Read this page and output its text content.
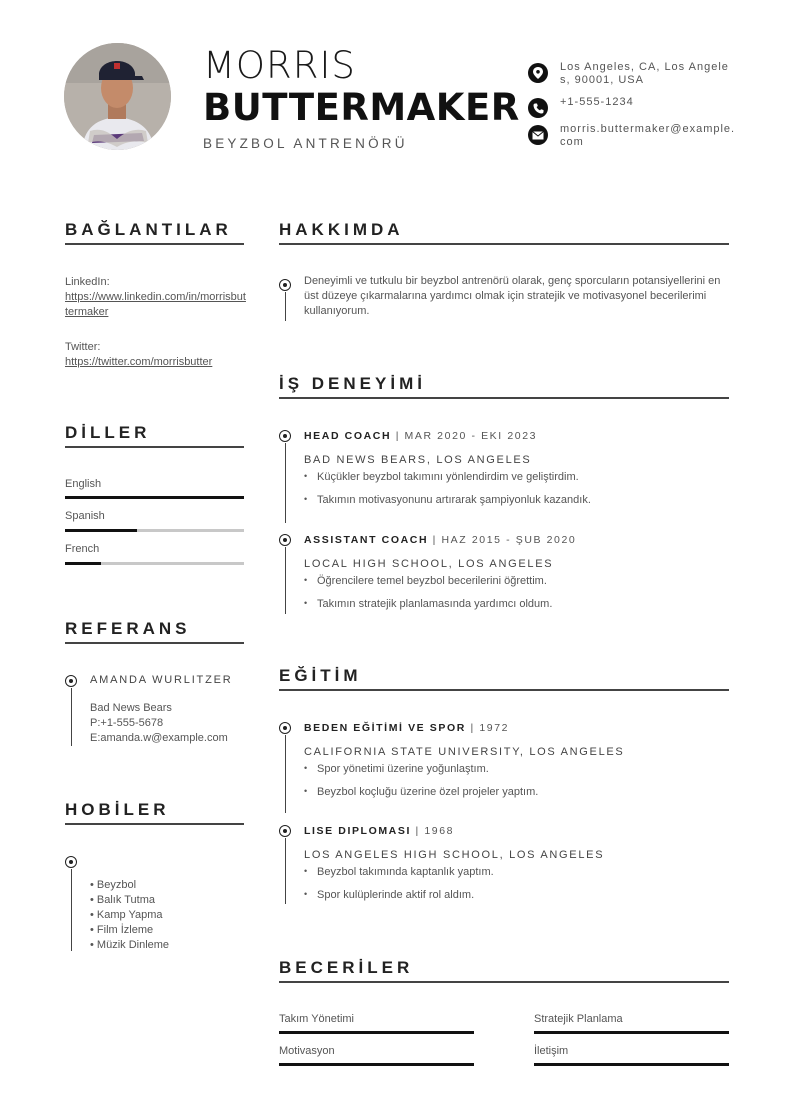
MORRIS
BUTTERMAKER
BEYZBOL ANTRENÖRÜ
Los Angeles, CA, Los Angeles, 90001, USA
+1-555-1234
morris.buttermaker@example.com
BAĞLANTILAR
LinkedIn:
https://www.linkedin.com/in/morrisbuttermaker
Twitter:
https://twitter.com/morrisbutter
DİLLER
English
Spanish
French
REFERANS
AMANDA WURLITZER
Bad News Bears
P:+1-555-5678
E:amanda.w@example.com
HOBİLER
• Beyzbol
• Balık Tutma
• Kamp Yapma
• Film İzleme
• Müzik Dinleme
HAKKIMDA
Deneyimli ve tutkulu bir beyzbol antrenörü olarak, genç sporcuların potansiyellerini en üst düzeye çıkarmalarına yardımcı olmak için stratejik ve motivasyonel becerilerimi kullanıyorum.
İŞ DENEYİMİ
HEAD COACH | MAR 2020 - EKI 2023
BAD NEWS BEARS, LOS ANGELES
• Küçükler beyzbol takımını yönlendirdim ve geliştirdim.
• Takımın motivasyonunu artırarak şampiyonluk kazandık.
ASSISTANT COACH | HAZ 2015 - ŞUB 2020
LOCAL HIGH SCHOOL, LOS ANGELES
• Öğrencilere temel beyzbol becerilerini öğrettim.
• Takımın stratejik planlamasında yardımcı oldum.
EĞİTİM
BEDEN EĞİTİMİ VE SPOR | 1972
CALIFORNIA STATE UNIVERSITY, LOS ANGELES
• Spor yönetimi üzerine yoğunlaştım.
• Beyzbol koçluğu üzerine özel projeler yaptım.
LISE DIPLOMASI | 1968
LOS ANGELES HIGH SCHOOL, LOS ANGELES
• Beyzbol takımında kaptanlık yaptım.
• Spor kulüplerinde aktif rol aldım.
BECERİLER
Takım Yönetimi	Stratejik Planlama
Motivasyon	İletişim
